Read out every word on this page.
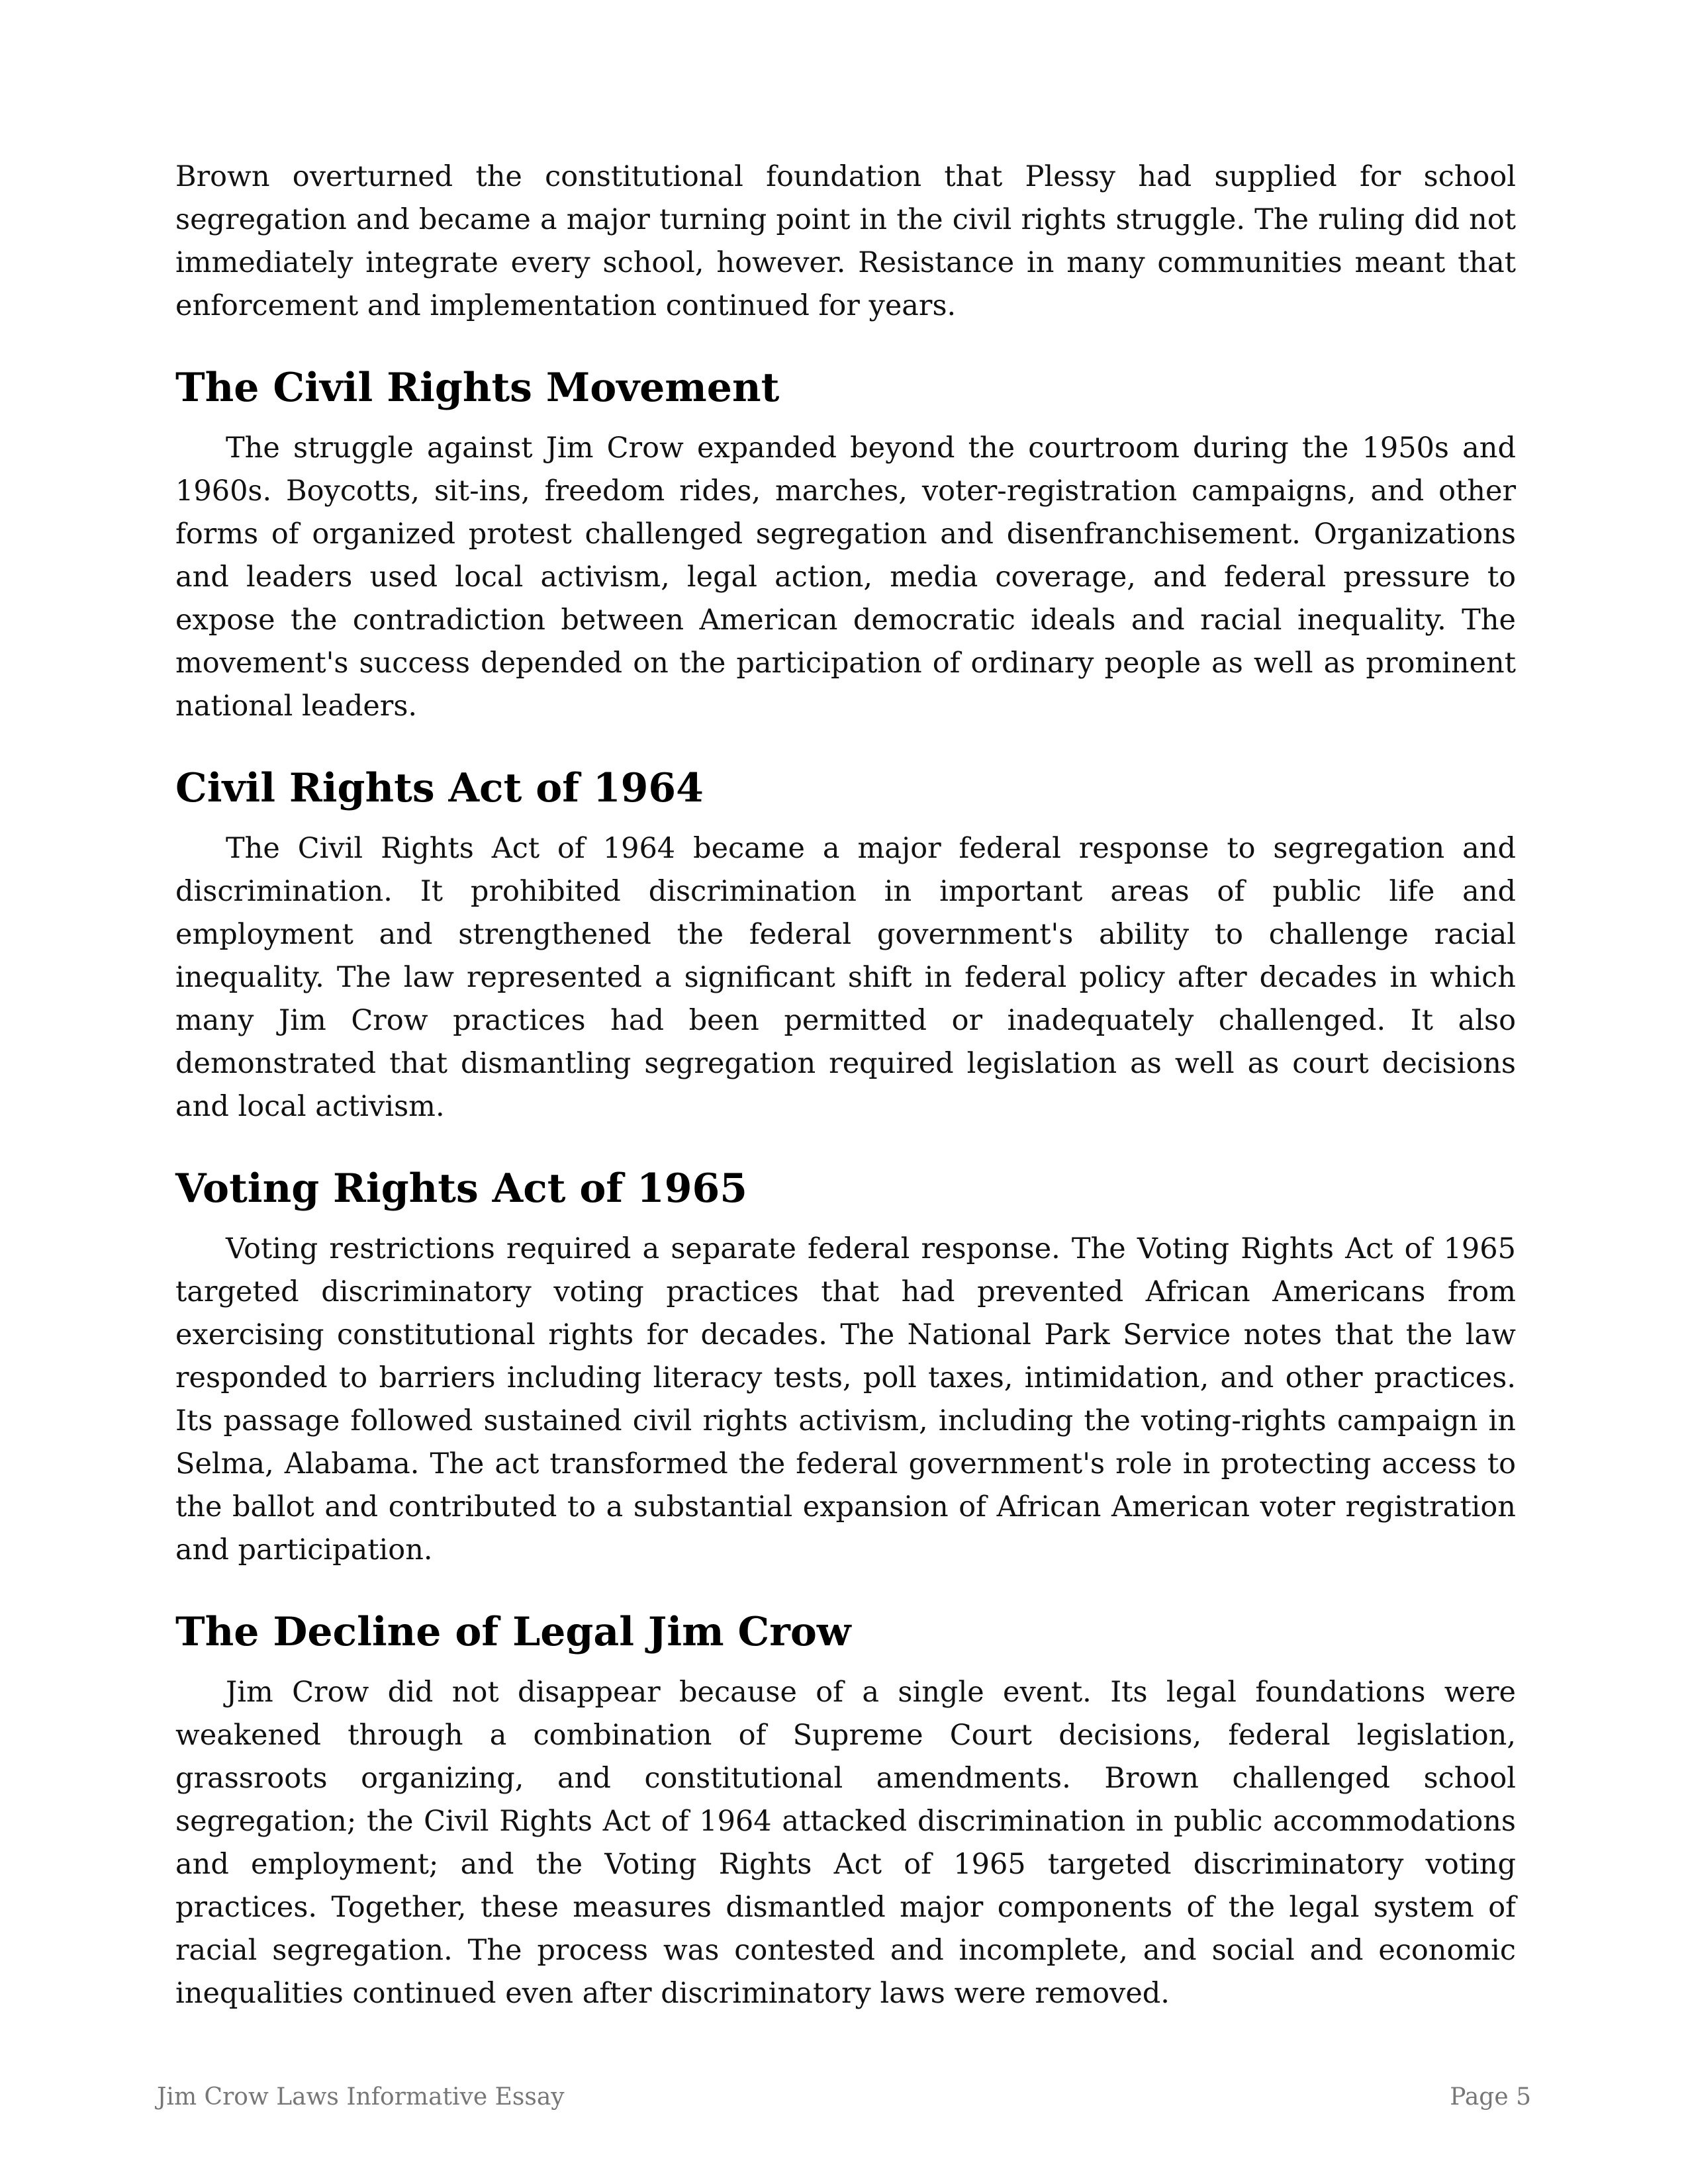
Brown overturned the constitutional foundation that Plessy had supplied for school segregation and became a major turning point in the civil rights struggle. The ruling did not immediately integrate every school, however. Resistance in many communities meant that enforcement and implementation continued for years.

The Civil Rights Movement

The struggle against Jim Crow expanded beyond the courtroom during the 1950s and 1960s. Boycotts, sit-ins, freedom rides, marches, voter-registration campaigns, and other forms of organized protest challenged segregation and disenfranchisement. Organizations and leaders used local activism, legal action, media coverage, and federal pressure to expose the contradiction between American democratic ideals and racial inequality. The movement's success depended on the participation of ordinary people as well as prominent national leaders.

Civil Rights Act of 1964

The Civil Rights Act of 1964 became a major federal response to segregation and discrimination. It prohibited discrimination in important areas of public life and employment and strengthened the federal government's ability to challenge racial inequality. The law represented a significant shift in federal policy after decades in which many Jim Crow practices had been permitted or inadequately challenged. It also demonstrated that dismantling segregation required legislation as well as court decisions and local activism.

Voting Rights Act of 1965

Voting restrictions required a separate federal response. The Voting Rights Act of 1965 targeted discriminatory voting practices that had prevented African Americans from exercising constitutional rights for decades. The National Park Service notes that the law responded to barriers including literacy tests, poll taxes, intimidation, and other practices. Its passage followed sustained civil rights activism, including the voting-rights campaign in Selma, Alabama. The act transformed the federal government's role in protecting access to the ballot and contributed to a substantial expansion of African American voter registration and participation.

The Decline of Legal Jim Crow

Jim Crow did not disappear because of a single event. Its legal foundations were weakened through a combination of Supreme Court decisions, federal legislation, grassroots organizing, and constitutional amendments. Brown challenged school segregation; the Civil Rights Act of 1964 attacked discrimination in public accommodations and employment; and the Voting Rights Act of 1965 targeted discriminatory voting practices. Together, these measures dismantled major components of the legal system of racial segregation. The process was contested and incomplete, and social and economic inequalities continued even after discriminatory laws were removed.

Jim Crow Laws Informative Essay	Page 5
